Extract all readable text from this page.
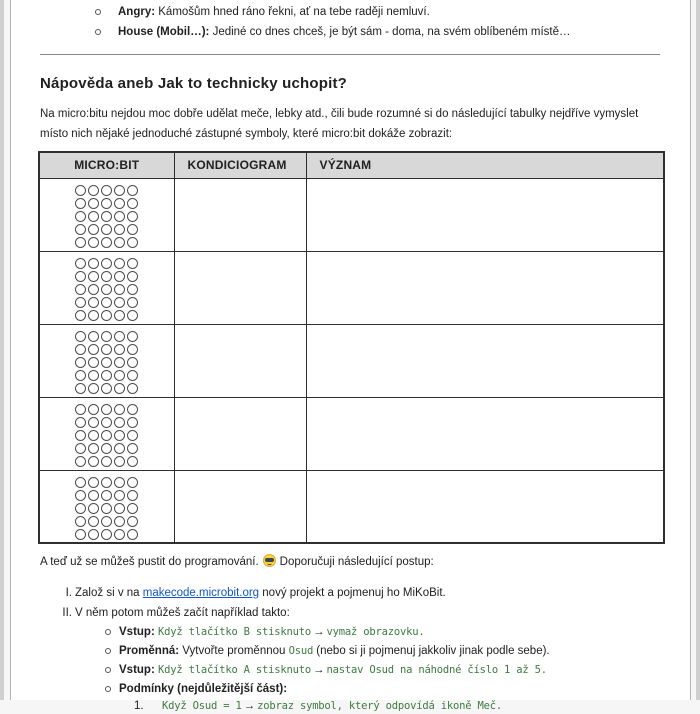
Angry: Kámošům hned ráno řekni, ať na tebe raději nemluví.
House (Mobil…): Jediné co dnes chceš, je být sám - doma, na svém oblíbeném místě…
Nápověda aneb Jak to technicky uchopit?

Na micro:bitu nejdou moc dobře udělat meče, lebky atd., čili bude rozumné si do následující tabulky nejdříve vymyslet
místo nich nějaké jednoduché zástupné symboly, které micro:bit dokáže zobrazit:

MICRO:BIT	KONDICIOGRAM	VÝZNAM

A teď už se můžeš pustit do programování. Doporučuji následující postup:

I. Založ si v na makecode.microbit.org nový projekt a pojmenuj ho MiKoBit.
II. V něm potom můžeš začít například takto:
Vstup: Když tlačítko B stisknuto → vymaž obrazovku.
Proměnná: Vytvořte proměnnou Osud (nebo si ji pojmenuj jakkoliv jinak podle sebe).
Vstup: Když tlačítko A stisknuto → nastav Osud na náhodné číslo 1 až 5.
Podmínky (nejdůležitější část):
1. Když Osud = 1 → zobraz symbol, který odpovídá ikoně Meč.
